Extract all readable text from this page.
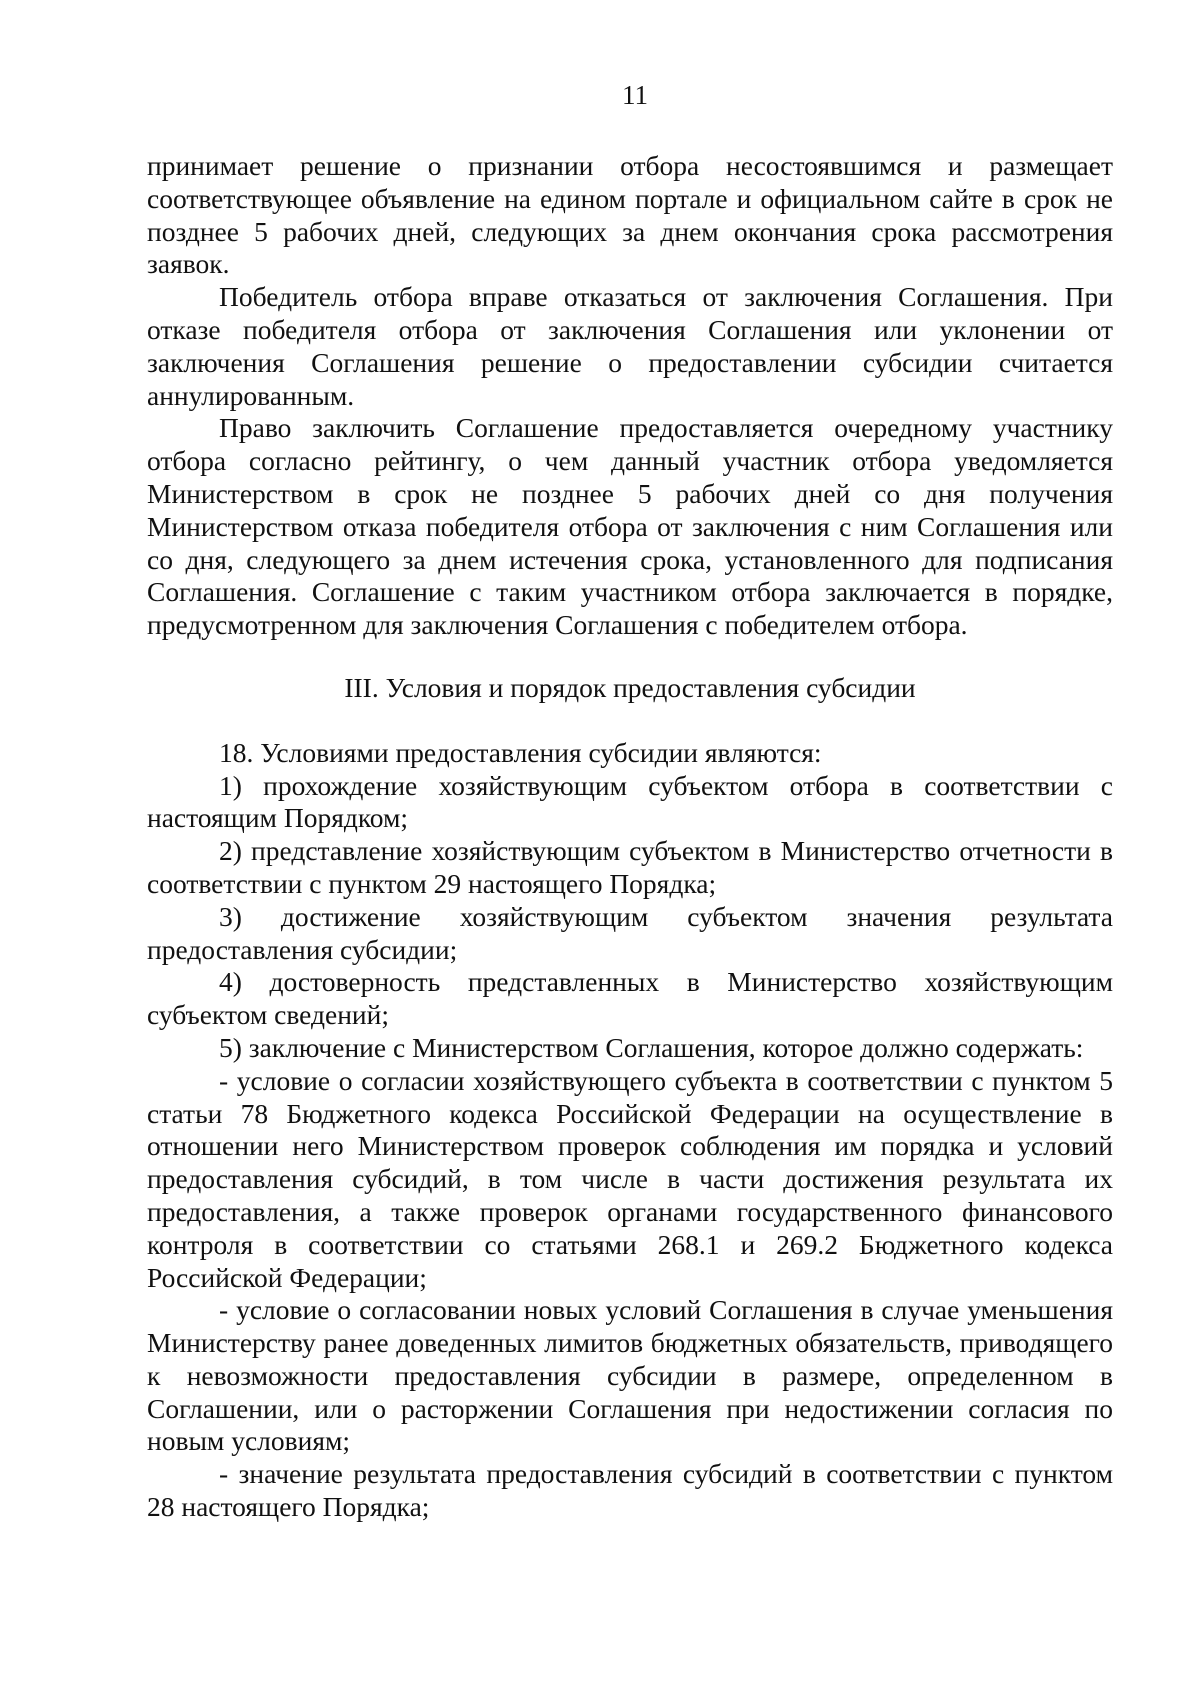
11

принимает решение о признании отбора несостоявшимся и размещает соответствующее объявление на едином портале и официальном сайте в срок не позднее 5 рабочих дней, следующих за днем окончания срока рассмотрения заявок.

Победитель отбора вправе отказаться от заключения Соглашения. При отказе победителя отбора от заключения Соглашения или уклонении от заключения Соглашения решение о предоставлении субсидии считается аннулированным.

Право заключить Соглашение предоставляется очередному участнику отбора согласно рейтингу, о чем данный участник отбора уведомляется Министерством в срок не позднее 5 рабочих дней со дня получения Министерством отказа победителя отбора от заключения с ним Соглашения или со дня, следующего за днем истечения срока, установленного для подписания Соглашения. Соглашение с таким участником отбора заключается в порядке, предусмотренном для заключения Соглашения с победителем отбора.

III. Условия и порядок предоставления субсидии

18. Условиями предоставления субсидии являются:

1) прохождение хозяйствующим субъектом отбора в соответствии с настоящим Порядком;

2) представление хозяйствующим субъектом в Министерство отчетности в соответствии с пунктом 29 настоящего Порядка;

3) достижение хозяйствующим субъектом значения результата предоставления субсидии;

4) достоверность представленных в Министерство хозяйствующим субъектом сведений;

5) заключение с Министерством Соглашения, которое должно содержать:

- условие о согласии хозяйствующего субъекта в соответствии с пунктом 5 статьи 78 Бюджетного кодекса Российской Федерации на осуществление в отношении него Министерством проверок соблюдения им порядка и условий предоставления субсидий, в том числе в части достижения результата их предоставления, а также проверок органами государственного финансового контроля в соответствии со статьями 268.1 и 269.2 Бюджетного кодекса Российской Федерации;

- условие о согласовании новых условий Соглашения в случае уменьшения Министерству ранее доведенных лимитов бюджетных обязательств, приводящего к невозможности предоставления субсидии в размере, определенном в Соглашении, или о расторжении Соглашения при недостижении согласия по новым условиям;

- значение результата предоставления субсидий в соответствии с пунктом 28 настоящего Порядка;
